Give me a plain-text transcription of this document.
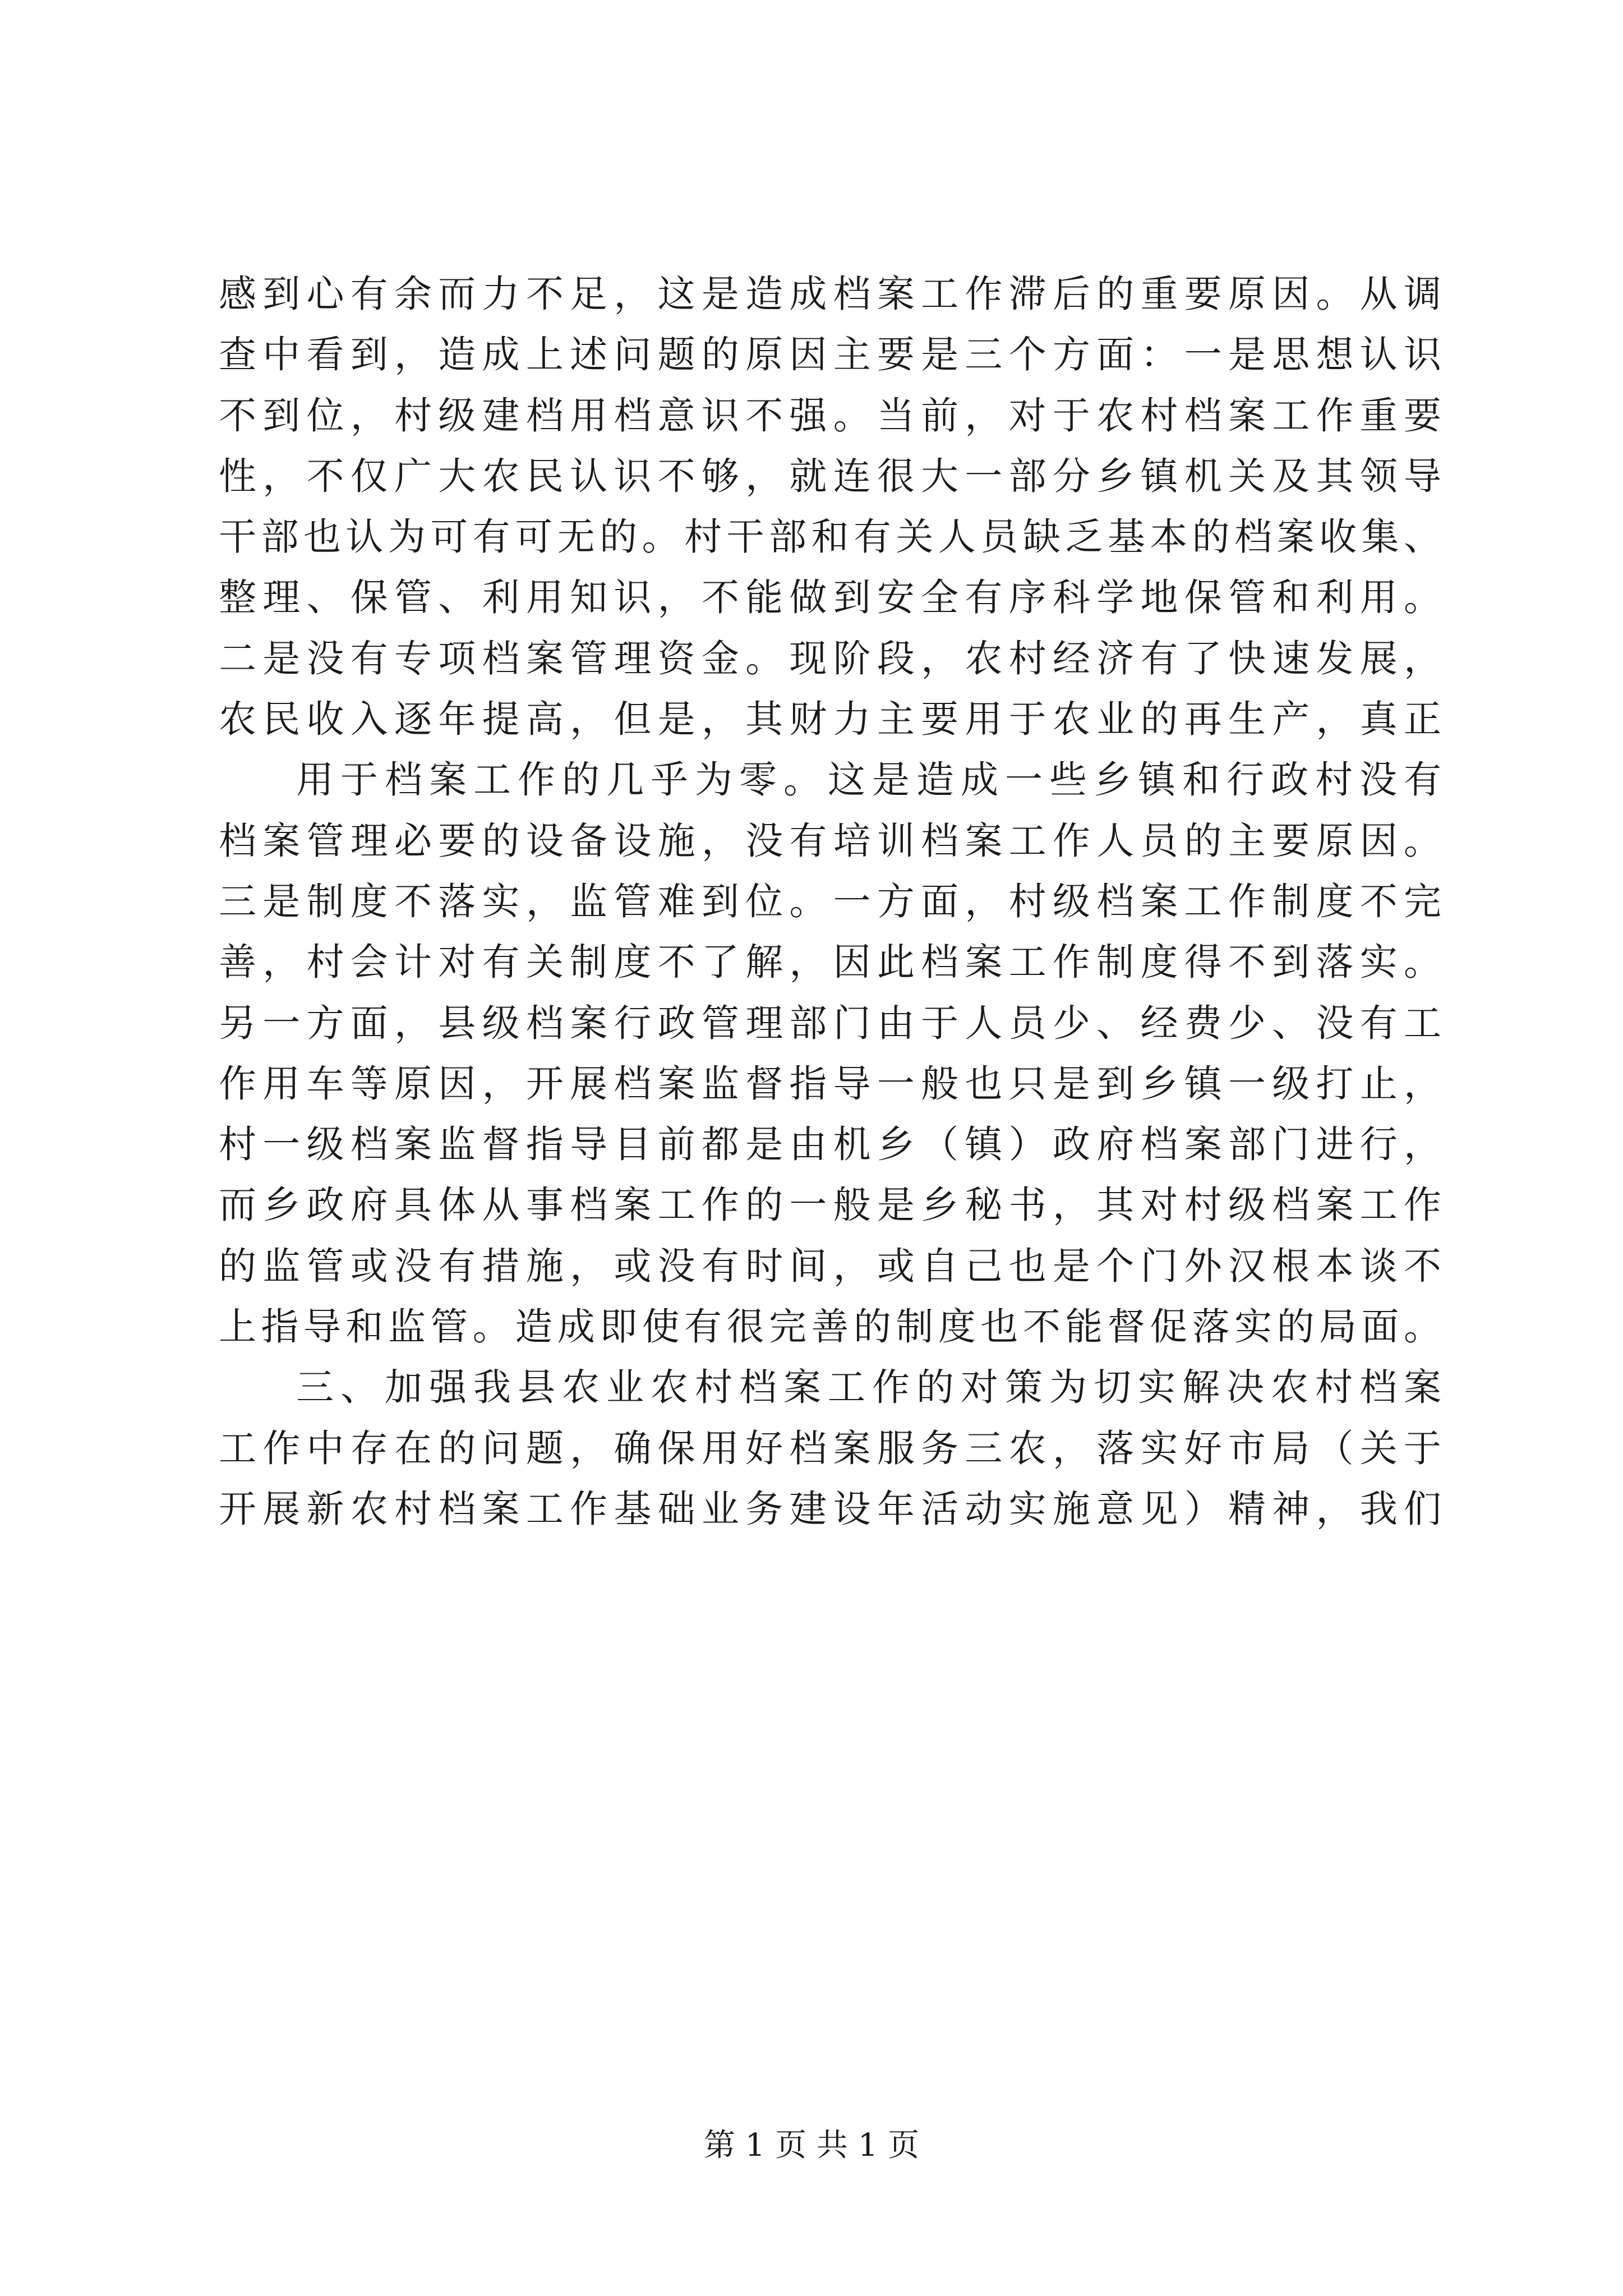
感到心有余而力不足，这是造成档案工作滞后的重要原因。从调
查中看到，造成上述问题的原因主要是三个方面：一是思想认识
不到位，村级建档用档意识不强。当前，对于农村档案工作重要
性，不仅广大农民认识不够，就连很大一部分乡镇机关及其领导
干部也认为可有可无的。村干部和有关人员缺乏基本的档案收集、
整理、保管、利用知识，不能做到安全有序科学地保管和利用。
二是没有专项档案管理资金。现阶段，农村经济有了快速发展，
农民收入逐年提高，但是，其财力主要用于农业的再生产，真正
用于档案工作的几乎为零。这是造成一些乡镇和行政村没有
档案管理必要的设备设施，没有培训档案工作人员的主要原因。
三是制度不落实，监管难到位。一方面，村级档案工作制度不完
善，村会计对有关制度不了解，因此档案工作制度得不到落实。
另一方面，县级档案行政管理部门由于人员少、经费少、没有工
作用车等原因，开展档案监督指导一般也只是到乡镇一级打止，
村一级档案监督指导目前都是由机乡（镇）政府档案部门进行，
而乡政府具体从事档案工作的一般是乡秘书，其对村级档案工作
的监管或没有措施，或没有时间，或自己也是个门外汉根本谈不
上指导和监管。造成即使有很完善的制度也不能督促落实的局面。
三、加强我县农业农村档案工作的对策为切实解决农村档案
工作中存在的问题，确保用好档案服务三农，落实好市局（关于
开展新农村档案工作基础业务建设年活动实施意见）精神，我们
第 1 页 共 1 页
